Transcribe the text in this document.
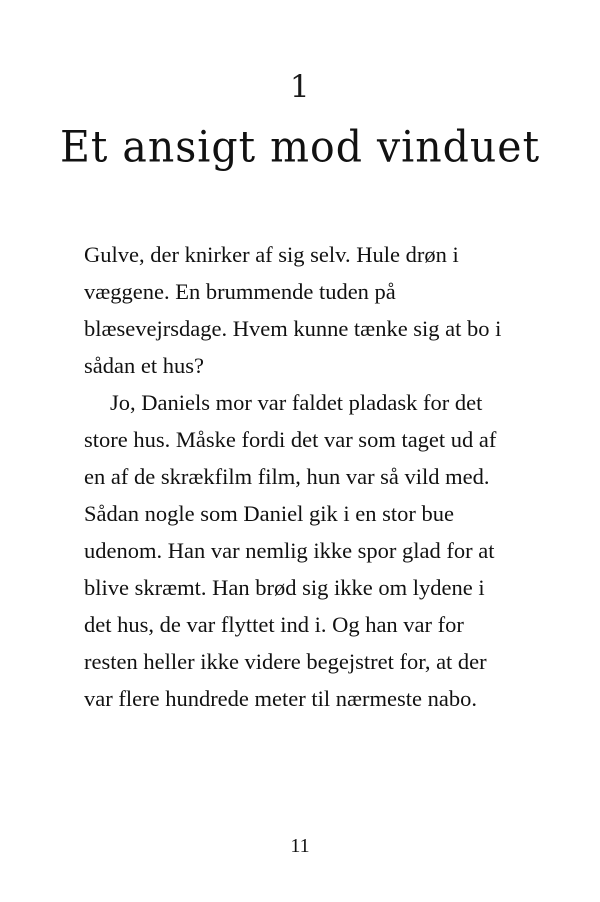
1
Et ansigt mod vinduet

Gulve, der knirker af sig selv. Hule drøn i væggene. En brummende tuden på blæsevejrsdage. Hvem kunne tænke sig at bo i sådan et hus?

Jo, Daniels mor var faldet pladask for det store hus. Måske fordi det var som taget ud af en af de skrækfilm film, hun var så vild med. Sådan nogle som Daniel gik i en stor bue udenom. Han var nemlig ikke spor glad for at blive skræmt. Han brød sig ikke om lydene i det hus, de var flyttet ind i. Og han var for resten heller ikke videre begejstret for, at der var flere hundrede meter til nærmeste nabo.

11
